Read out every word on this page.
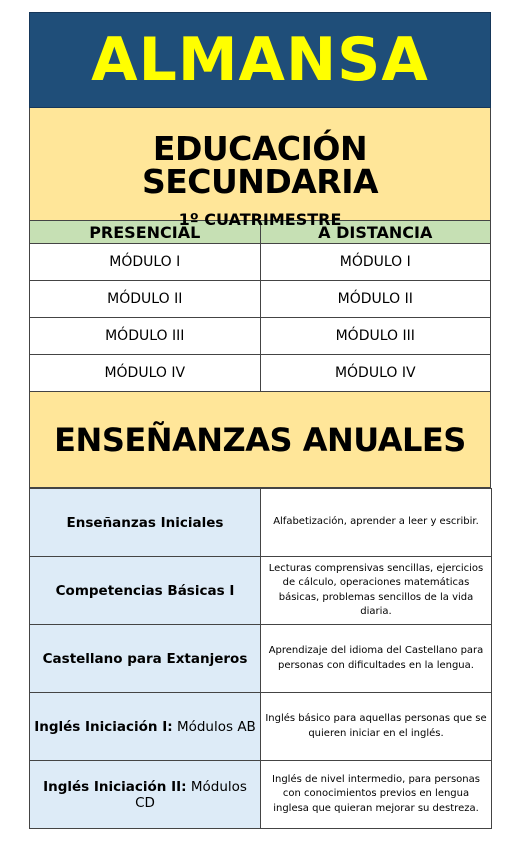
ALMANSA
EDUCACIÓN SECUNDARIA
1º CUATRIMESTRE
PRESENCIAL	A DISTANCIA
MÓDULO I	MÓDULO I
MÓDULO II	MÓDULO II
MÓDULO III	MÓDULO III
MÓDULO IV	MÓDULO IV
ENSEÑANZAS ANUALES
Enseñanzas Iniciales	Alfabetización, aprender a leer y escribir.
Competencias Básicas I	Lecturas comprensivas sencillas, ejercicios de cálculo, operaciones matemáticas básicas, problemas sencillos de la vida diaria.
Castellano para Extanjeros	Aprendizaje del idioma del Castellano para personas con dificultades en la lengua.
Inglés Iniciación I: Módulos AB	Inglés básico para aquellas personas que se quieren iniciar en el inglés.
Inglés Iniciación II: Módulos CD	Inglés de nivel intermedio, para personas con conocimientos previos en lengua inglesa que quieran mejorar su destreza.
